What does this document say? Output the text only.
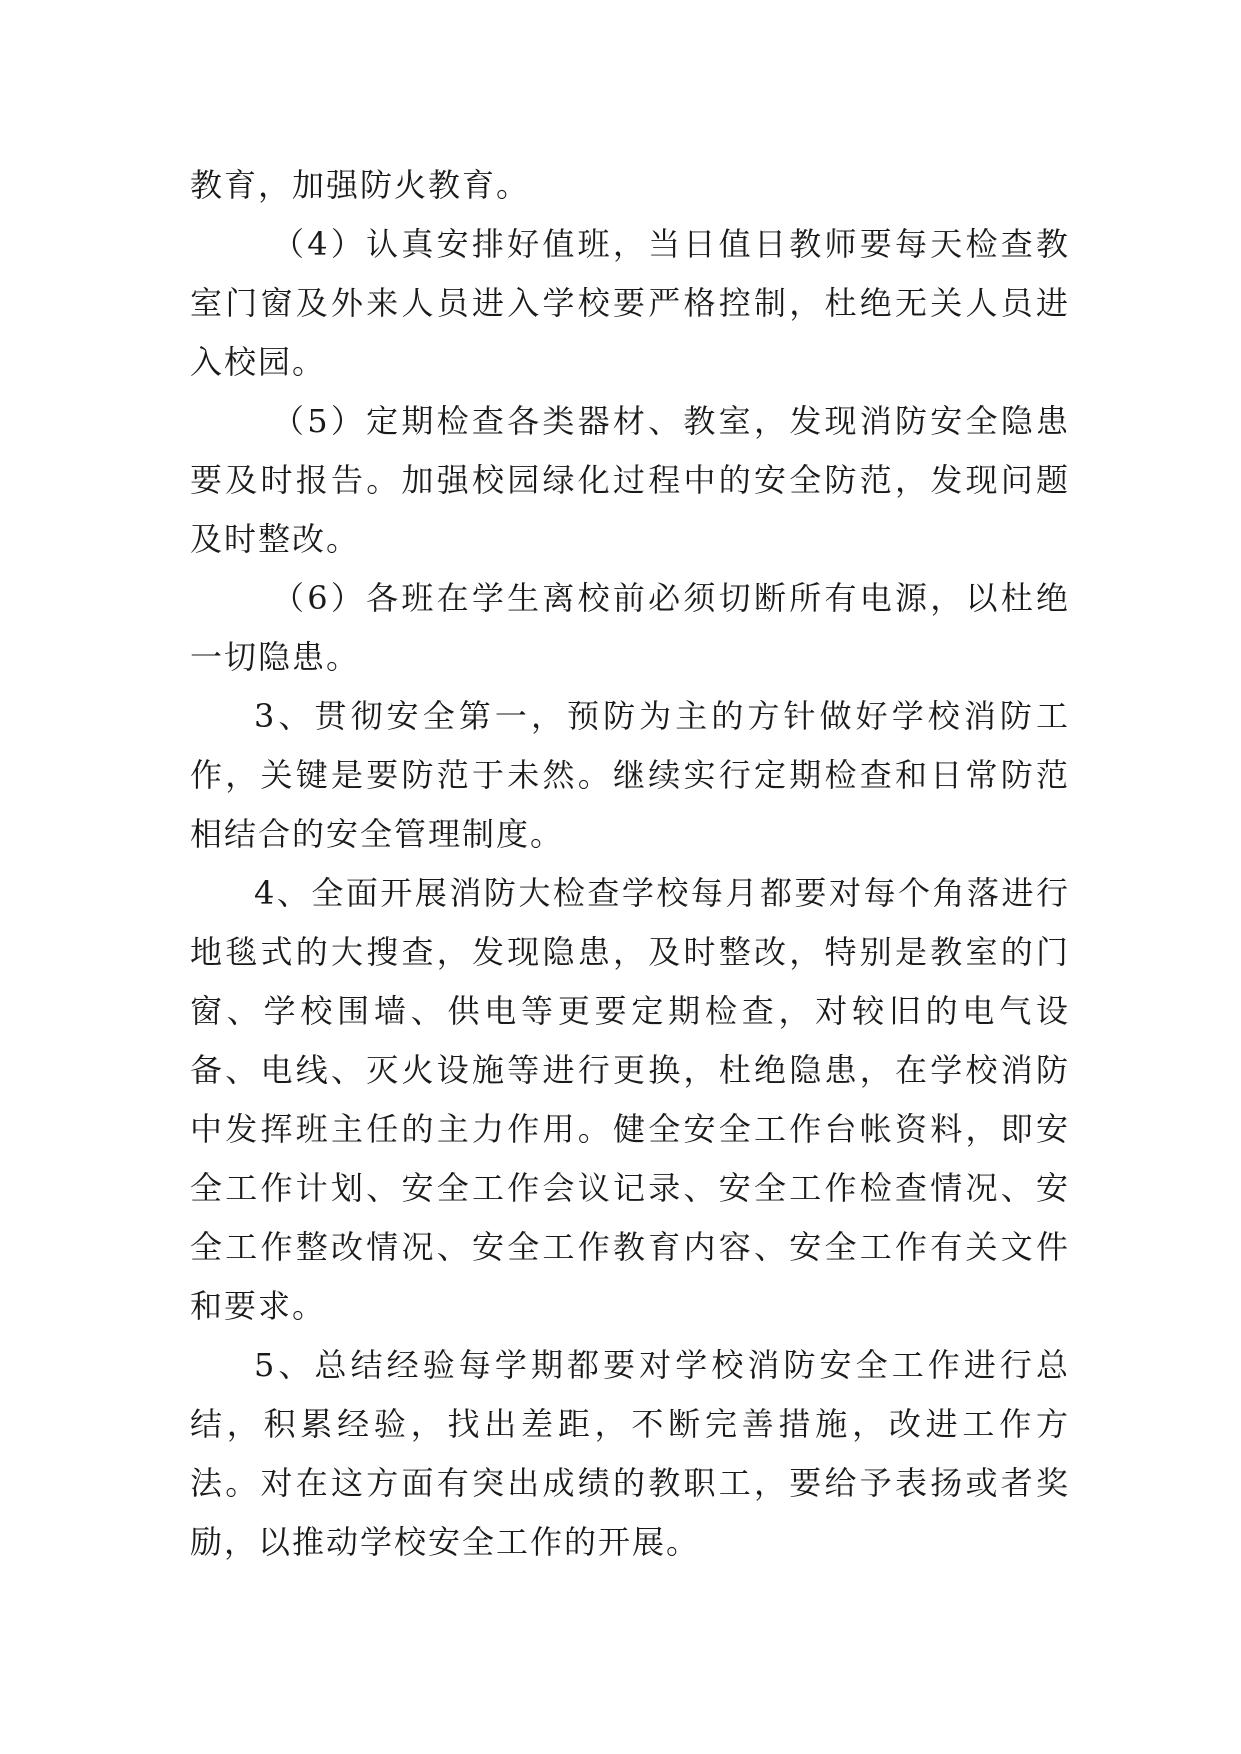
教育，加强防火教育。

（4）认真安排好值班，当日值日教师要每天检查教室门窗及外来人员进入学校要严格控制，杜绝无关人员进入校园。

（5）定期检查各类器材、教室，发现消防安全隐患要及时报告。加强校园绿化过程中的安全防范，发现问题及时整改。

（6）各班在学生离校前必须切断所有电源，以杜绝一切隐患。

3、贯彻安全第一，预防为主的方针做好学校消防工作，关键是要防范于未然。继续实行定期检查和日常防范相结合的安全管理制度。

4、全面开展消防大检查学校每月都要对每个角落进行地毯式的大搜查，发现隐患，及时整改，特别是教室的门窗、学校围墙、供电等更要定期检查，对较旧的电气设备、电线、灭火设施等进行更换，杜绝隐患，在学校消防中发挥班主任的主力作用。健全安全工作台帐资料，即安全工作计划、安全工作会议记录、安全工作检查情况、安全工作整改情况、安全工作教育内容、安全工作有关文件和要求。

5、总结经验每学期都要对学校消防安全工作进行总结，积累经验，找出差距，不断完善措施，改进工作方法。对在这方面有突出成绩的教职工，要给予表扬或者奖励，以推动学校安全工作的开展。
